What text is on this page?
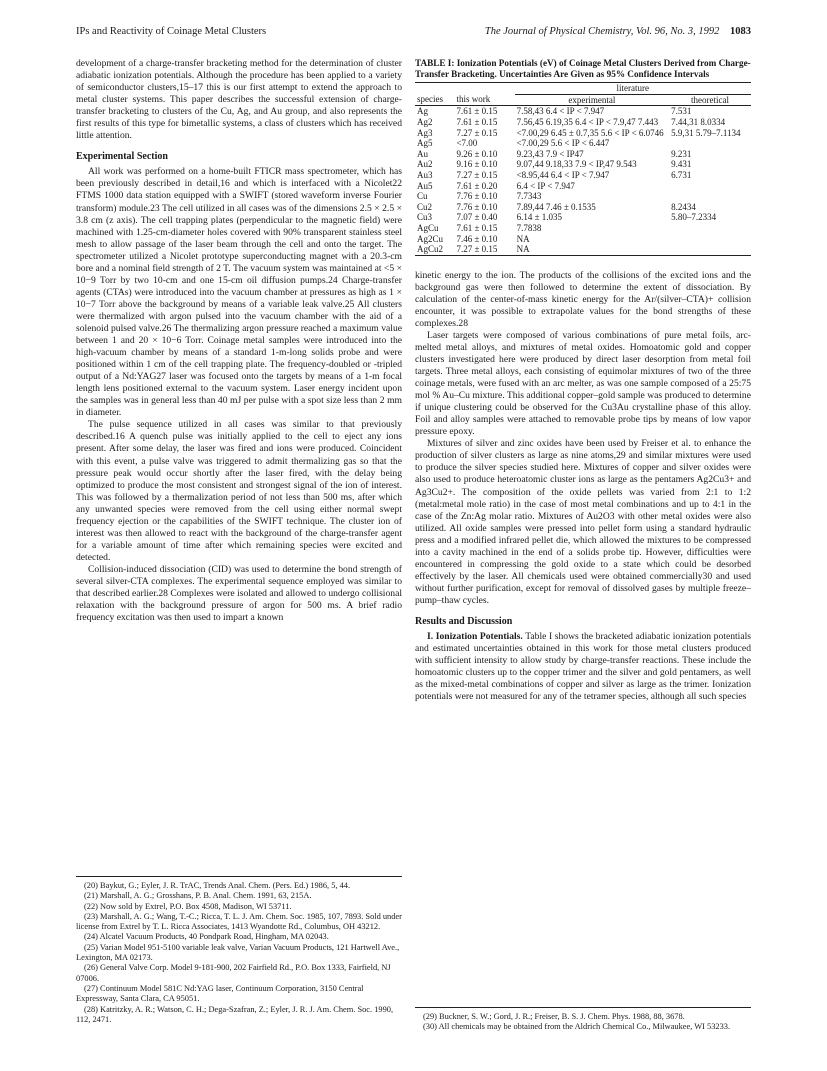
IPs and Reactivity of Coinage Metal Clusters	The Journal of Physical Chemistry, Vol. 96, No. 3, 1992 1083

development of a charge-transfer bracketing method for the determination of cluster adiabatic ionization potentials. Although the procedure has been applied to a variety of semiconductor clusters,15–17 this is our first attempt to extend the approach to metal cluster systems. This paper describes the successful extension of charge-transfer bracketing to clusters of the Cu, Ag, and Au group, and also represents the first results of this type for bimetallic systems, a class of clusters which has received little attention.

Experimental Section

All work was performed on a home-built FTICR mass spectrometer, which has been previously described in detail,16 and which is interfaced with a Nicolet22 FTMS 1000 data station equipped with a SWIFT (stored waveform inverse Fourier transform) module.23 The cell utilized in all cases was of the dimensions 2.5 × 2.5 × 3.8 cm (z axis). The cell trapping plates (perpendicular to the magnetic field) were machined with 1.25-cm-diameter holes covered with 90% transparent stainless steel mesh to allow passage of the laser beam through the cell and onto the target. The spectrometer utilized a Nicolet prototype superconducting magnet with a 20.3-cm bore and a nominal field strength of 2 T. The vacuum system was maintained at <5 × 10−9 Torr by two 10-cm and one 15-cm oil diffusion pumps.24 Charge-transfer agents (CTAs) were introduced into the vacuum chamber at pressures as high as 1 × 10−7 Torr above the background by means of a variable leak valve.25 All clusters were thermalized with argon pulsed into the vacuum chamber with the aid of a solenoid pulsed valve.26 The thermalizing argon pressure reached a maximum value between 1 and 20 × 10−6 Torr. Coinage metal samples were introduced into the high-vacuum chamber by means of a standard 1-m-long solids probe and were positioned within 1 cm of the cell trapping plate. The frequency-doubled or -tripled output of a Nd:YAG27 laser was focused onto the targets by means of a 1-m focal length lens positioned external to the vacuum system. Laser energy incident upon the samples was in general less than 40 mJ per pulse with a spot size less than 2 mm in diameter.

The pulse sequence utilized in all cases was similar to that previously described.16 A quench pulse was initially applied to the cell to eject any ions present. After some delay, the laser was fired and ions were produced. Coincident with this event, a pulse valve was triggered to admit thermalizing gas so that the pressure peak would occur shortly after the laser fired, with the delay being optimized to produce the most consistent and strongest signal of the ion of interest. This was followed by a thermalization period of not less than 500 ms, after which any unwanted species were removed from the cell using either normal swept frequency ejection or the capabilities of the SWIFT technique. The cluster ion of interest was then allowed to react with the background of the charge-transfer agent for a variable amount of time after which remaining species were excited and detected.

Collision-induced dissociation (CID) was used to determine the bond strength of several silver-CTA complexes. The experimental sequence employed was similar to that described earlier.28 Complexes were isolated and allowed to undergo collisional relaxation with the background pressure of argon for 500 ms. A brief radio frequency excitation was then used to impart a known

(20) Baykut, G.; Eyler, J. R. TrAC, Trends Anal. Chem. (Pers. Ed.) 1986, 5, 44.

(21) Marshall, A. G.; Grosshans, P. B. Anal. Chem. 1991, 63, 215A.

(22) Now sold by Extrel, P.O. Box 4508, Madison, WI 53711.

(23) Marshall, A. G.; Wang, T.-C.; Ricca, T. L. J. Am. Chem. Soc. 1985, 107, 7893. Sold under license from Extrel by T. L. Ricca Associates, 1413 Wyandotte Rd., Columbus, OH 43212.

(24) Alcatel Vacuum Products, 40 Pondpark Road, Hingham, MA 02043.

(25) Varian Model 951-5100 variable leak valve, Varian Vacuum Products, 121 Hartwell Ave., Lexington, MA 02173.

(26) General Valve Corp. Model 9-181-900, 202 Fairfield Rd., P.O. Box 1333, Fairfield, NJ 07006.

(27) Continuum Model 581C Nd:YAG laser, Continuum Corporation, 3150 Central Expressway, Santa Clara, CA 95051.

(28) Katritzky, A. R.; Watson, C. H.; Dega-Szafran, Z.; Eyler, J. R. J. Am. Chem. Soc. 1990, 112, 2471.

TABLE I: Ionization Potentials (eV) of Coinage Metal Clusters Derived from Charge-Transfer Bracketing. Uncertainties Are Given as 95% Confidence Intervals
		literature	
species	this work	experimental	theoretical
Ag	7.61 ± 0.15	7.58,43 6.4 < IP < 7.947	7.531
Ag2	7.61 ± 0.15	7.56,45 6.19,35 6.4 < IP < 7.9,47 7.443	7.44,31 8.0334
Ag3	7.27 ± 0.15	<7.00,29 6.45 ± 0.7,35 5.6 < IP < 6.0746	5.9,31 5.79–7.1134
Ag5	<7.00	<7.00,29 5.6 < IP < 6.447	
Au	9.26 ± 0.10	9.23,43 7.9 < IP47	9.231
Au2	9.16 ± 0.10	9.07,44 9.18,33 7.9 < IP,47 9.543	9.431
Au3	7.27 ± 0.15	<8.95,44 6.4 < IP < 7.947	6.731
Au5	7.61 ± 0.20	6.4 < IP < 7.947	
Cu	7.76 ± 0.10	7.7343	
Cu2	7.76 ± 0.10	7.89,44 7.46 ± 0.1535	8.2434
Cu3	7.07 ± 0.40	6.14 ± 1.035	5.80–7.2334
AgCu	7.61 ± 0.15	7.7838	
Ag2Cu	7.46 ± 0.10	NA	
AgCu2	7.27 ± 0.15	NA	

kinetic energy to the ion. The products of the collisions of the excited ions and the background gas were then followed to determine the extent of dissociation. By calculation of the center-of-mass kinetic energy for the Ar/(silver–CTA)+ collision encounter, it was possible to extrapolate values for the bond strengths of these complexes.28

Laser targets were composed of various combinations of pure metal foils, arc-melted metal alloys, and mixtures of metal oxides. Homoatomic gold and copper clusters investigated here were produced by direct laser desorption from metal foil targets. Three metal alloys, each consisting of equimolar mixtures of two of the three coinage metals, were fused with an arc melter, as was one sample composed of a 25:75 mol % Au–Cu mixture. This additional copper–gold sample was produced to determine if unique clustering could be observed for the Cu3Au crystalline phase of this alloy. Foil and alloy samples were attached to removable probe tips by means of low vapor pressure epoxy.

Mixtures of silver and zinc oxides have been used by Freiser et al. to enhance the production of silver clusters as large as nine atoms,29 and similar mixtures were used to produce the silver species studied here. Mixtures of copper and silver oxides were also used to produce heteroatomic cluster ions as large as the pentamers Ag2Cu3+ and Ag3Cu2+. The composition of the oxide pellets was varied from 2:1 to 1:2 (metal:metal mole ratio) in the case of most metal combinations and up to 4:1 in the case of the Zn:Ag molar ratio. Mixtures of Au2O3 with other metal oxides were also utilized. All oxide samples were pressed into pellet form using a standard hydraulic press and a modified infrared pellet die, which allowed the mixtures to be compressed into a cavity machined in the end of a solids probe tip. However, difficulties were encountered in compressing the gold oxide to a state which could be desorbed effectively by the laser. All chemicals used were obtained commercially30 and used without further purification, except for removal of dissolved gases by multiple freeze–pump–thaw cycles.

Results and Discussion

I. Ionization Potentials. Table I shows the bracketed adiabatic ionization potentials and estimated uncertainties obtained in this work for those metal clusters produced with sufficient intensity to allow study by charge-transfer reactions. These include the homoatomic clusters up to the copper trimer and the silver and gold pentamers, as well as the mixed-metal combinations of copper and silver as large as the trimer. Ionization potentials were not measured for any of the tetramer species, although all such species

(29) Buckner, S. W.; Gord, J. R.; Freiser, B. S. J. Chem. Phys. 1988, 88, 3678.

(30) All chemicals may be obtained from the Aldrich Chemical Co., Milwaukee, WI 53233.
